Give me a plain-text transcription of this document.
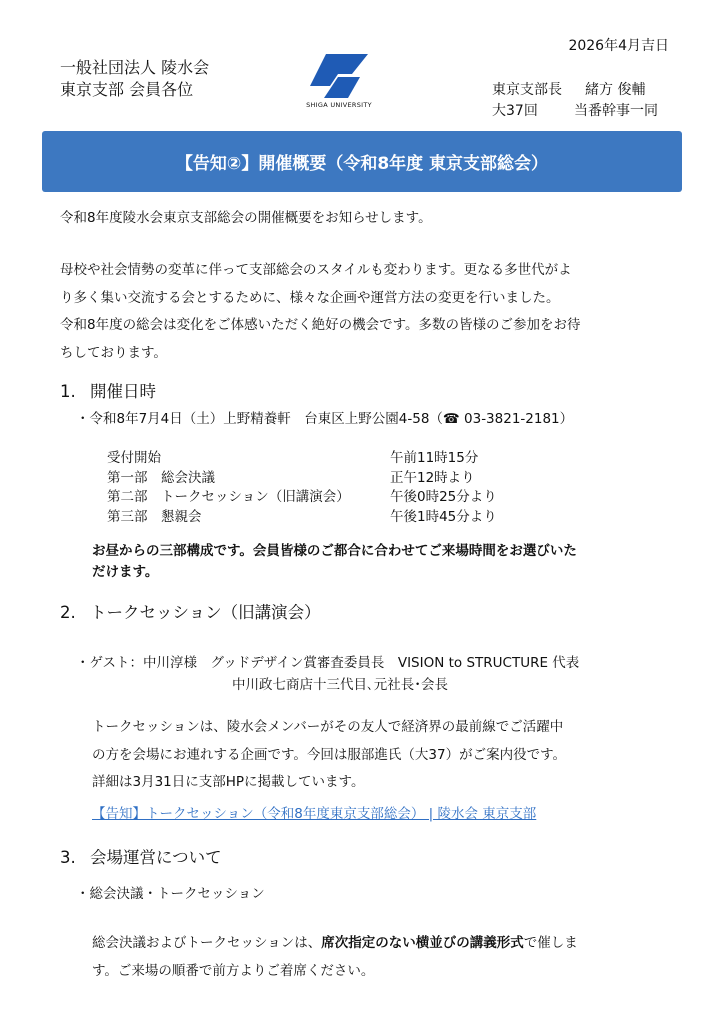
2026年4月吉日
一般社団法人 陵水会
東京支部 会員各位
SHIGA UNIVERSITY
東京支部長 緒方 俊輔
大37回	当番幹事一同
【告知②】開催概要（令和8年度 東京支部総会）
令和8年度陵水会東京支部総会の開催概要をお知らせします。
母校や社会情勢の変革に伴って支部総会のスタイルも変わります。更なる多世代がよ
り多く集い交流する会とするために、様々な企画や運営方法の変更を行いました。
令和8年度の総会は変化をご体感いただく絶好の機会です。多数の皆様のご参加をお待
ちしております。
1. 開催日時
・令和8年7月4日（土）上野精養軒　台東区上野公園4-58（☎ 03-3821-2181）
受付開始	午前11時15分
第一部　総会決議	正午12時より
第二部　トークセッション（旧講演会）	午後0時25分より
第三部　懇親会	午後1時45分より
お昼からの三部構成です。会員皆様のご都合に合わせてご来場時間をお選びいた
だけます。
2. トークセッション（旧講演会）
・ゲスト：中川淳様　グッドデザイン賞審査委員長　VISION to STRUCTURE 代表
中川政七商店十三代目､元社長･会長
トークセッションは、陵水会メンバーがその友人で経済界の最前線でご活躍中
の方を会場にお連れする企画です。今回は服部進氏（大37）がご案内役です。
詳細は3月31日に支部HPに掲載しています。
【告知】トークセッション（令和8年度東京支部総会） | 陵水会 東京支部
3. 会場運営について
・総会決議・トークセッション
総会決議およびトークセッションは、席次指定のない横並びの講義形式で催しま
す。ご来場の順番で前方よりご着席ください。
